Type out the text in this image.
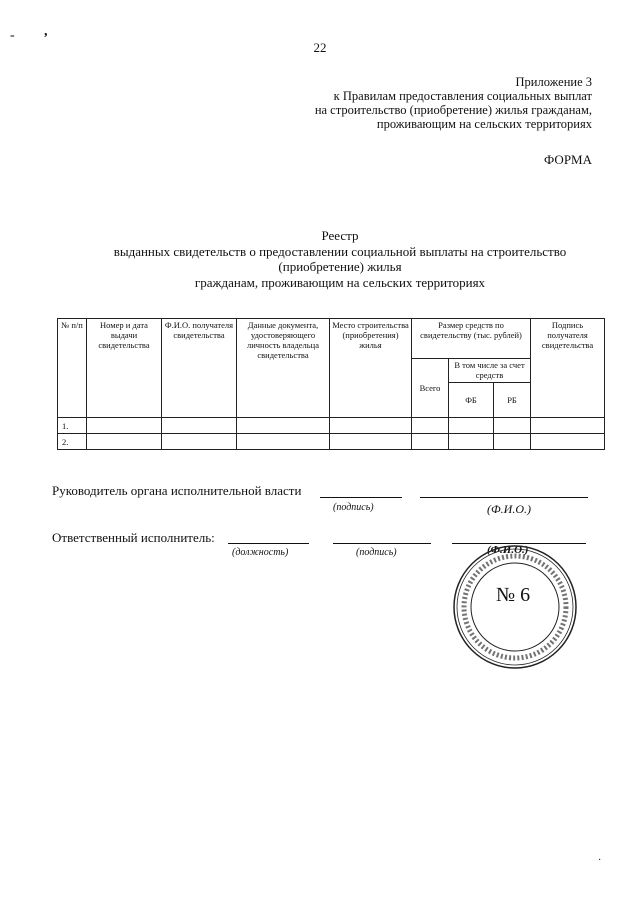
- ,
22
Приложение 3
к Правилам предоставления социальных выплат
на строительство (приобретение) жилья гражданам,
проживающим на сельских территориях
ФОРМА
Реестр
выданных свидетельств о предоставлении социальной выплаты на строительство
(приобретение) жилья
гражданам, проживающим на сельских территориях
№ п/п	Номер и дата выдачи свидетельства	Ф.И.О. получателя свидетельства	Данные документа, удостоверяющего личность владельца свидетельства	Место строительства (приобретения) жилья	Размер средств по свидетельству (тыс. рублей)			Подпись получателя свидетельства
					Всего	В том числе за счет средств		
						ФБ	РБ	
1.								
2.								
Руководитель органа исполнительной власти
(подпись)	(Ф.И.О.)
Ответственный исполнитель:
(должность)	(подпись)	(Ф.И.О.)
№ 6
·
